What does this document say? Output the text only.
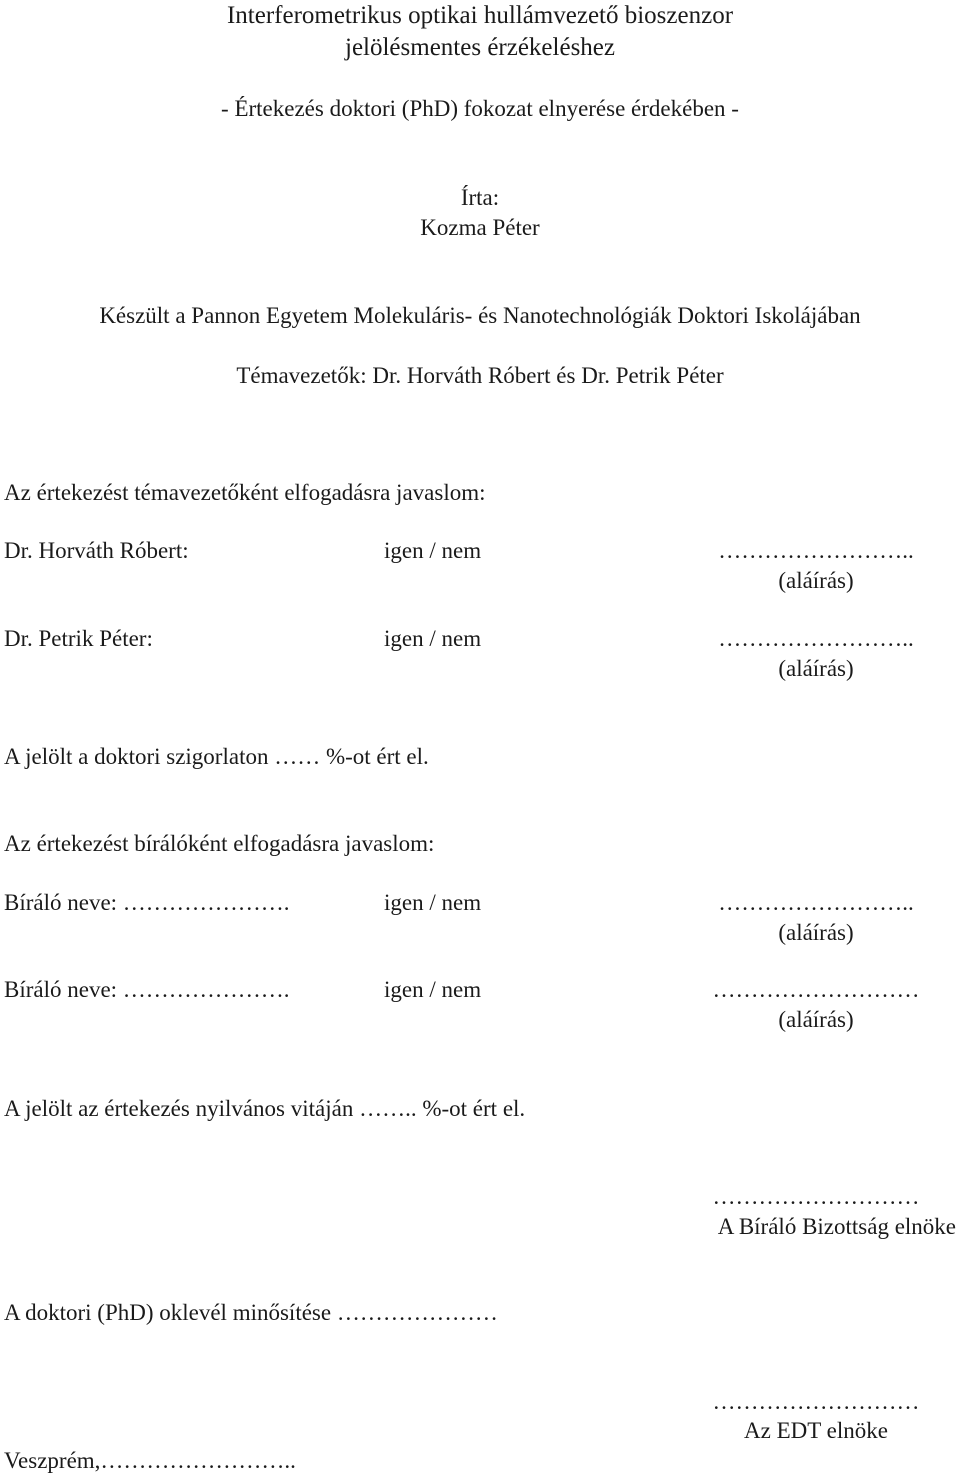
Interferometrikus optikai hullámvezető bioszenzor
jelölésmentes érzékeléshez
- Értekezés doktori (PhD) fokozat elnyerése érdekében -
Írta:
Kozma Péter
Készült a Pannon Egyetem Molekuláris- és Nanotechnológiák Doktori Iskolájában
Témavezetők: Dr. Horváth Róbert és Dr. Petrik Péter
Az értekezést témavezetőként elfogadásra javaslom:
Dr. Horváth Róbert:	igen / nem	……………………..
(aláírás)
Dr. Petrik Péter:	igen / nem	……………………..
(aláírás)
A jelölt a doktori szigorlaton …… %-ot ért el.
Az értekezést bírálóként elfogadásra javaslom:
Bíráló neve: ………………….	igen / nem	……………………..
(aláírás)
Bíráló neve: ………………….	igen / nem	………………………
(aláírás)
A jelölt az értekezés nyilvános vitáján …….. %-ot ért el.
………………………
A Bíráló Bizottság elnöke
A doktori (PhD) oklevél minősítése …………………
………………………
Az EDT elnöke
Veszprém,……………………..
